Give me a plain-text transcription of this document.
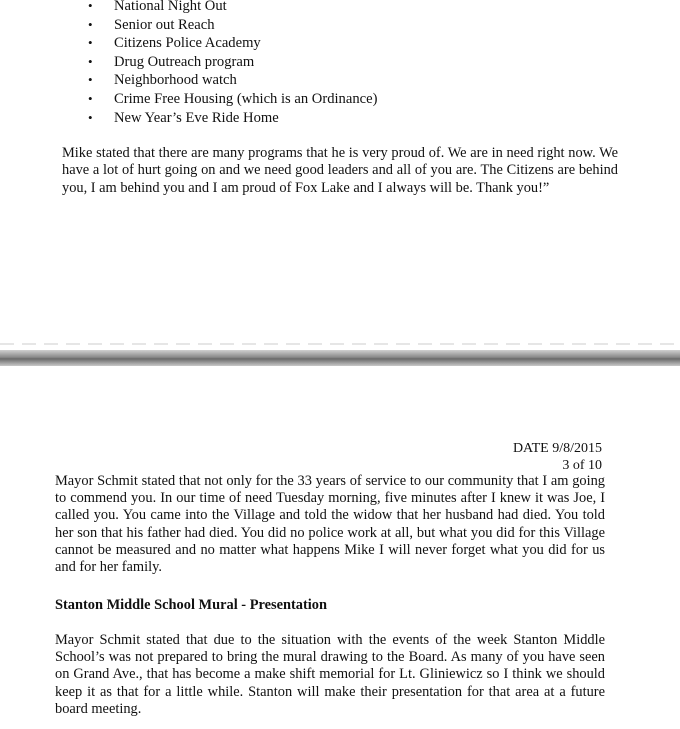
• National Night Out
• Senior out Reach
• Citizens Police Academy
• Drug Outreach program
• Neighborhood watch
• Crime Free Housing (which is an Ordinance)
• New Year’s Eve Ride Home

Mike stated that there are many programs that he is very proud of. We are in need right now. We have a lot of hurt going on and we need good leaders and all of you are. The Citizens are behind you, I am behind you and I am proud of Fox Lake and I always will be. Thank you!”

DATE 9/8/2015
3 of 10

Mayor Schmit stated that not only for the 33 years of service to our community that I am going to commend you. In our time of need Tuesday morning, five minutes after I knew it was Joe, I called you. You came into the Village and told the widow that her husband had died. You told her son that his father had died. You did no police work at all, but what you did for this Village cannot be measured and no matter what happens Mike I will never forget what you did for us and for her family.

Stanton Middle School Mural - Presentation

Mayor Schmit stated that due to the situation with the events of the week Stanton Middle School’s was not prepared to bring the mural drawing to the Board. As many of you have seen on Grand Ave., that has become a make shift memorial for Lt. Gliniewicz so I think we should keep it as that for a little while. Stanton will make their presentation for that area at a future board meeting.
